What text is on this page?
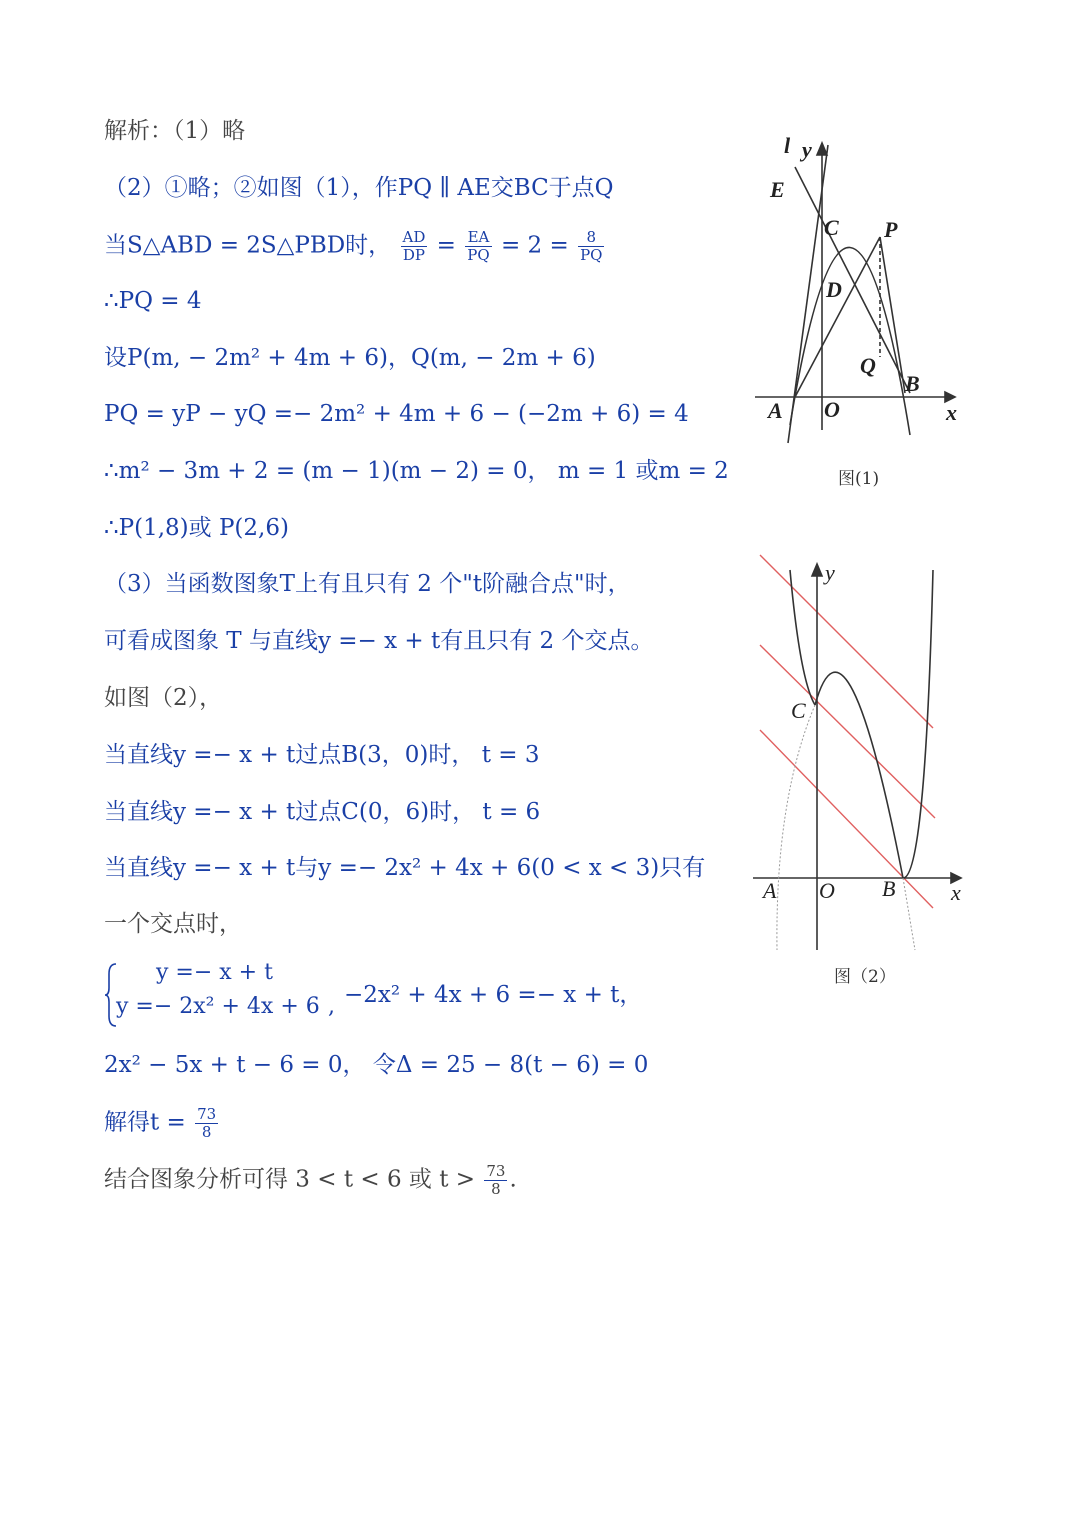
解析：（1）略
（2）①略；②如图（1），作PQ ∥ AE交BC于点Q
当S△ABD = 2S△PBD时， $\frac{AD}{DP} = \frac{EA}{PQ} = 2 = \frac{8}{PQ}$
∴PQ = 4
设P(m, − 2m² + 4m + 6)，Q(m, − 2m + 6)
PQ = yP − yQ =− 2m² + 4m + 6 − (−2m + 6) = 4
∴m² − 3m + 2 = (m − 1)(m − 2) = 0， m = 1 或m = 2
∴P(1,8)或 P(2,6)
（3）当函数图象T上有且只有 2 个"t阶融合点"时，
可看成图象 T 与直线y =− x + t有且只有 2 个交点。
如图（2），
当直线y =− x + t过点B(3，0)时， t = 3
当直线y =− x + t过点C(0，6)时， t = 6
当直线y =− x + t与y =− 2x² + 4x + 6(0 < x < 3)只有
一个交点时，
y =− x + t
y =− 2x² + 4x + 6 , −2x² + 4x + 6 =− x + t，
2x² − 5x + t − 6 = 0， 令Δ = 25 − 8(t − 6) = 0
解得$t = \frac{73}{8}$
结合图象分析可得 3 < t < 6 或 $t > \frac{73}{8}$ .
l y
E
C P
D
Q
B
A O	x
图(1)
y
C
A O B	x
图（2）
